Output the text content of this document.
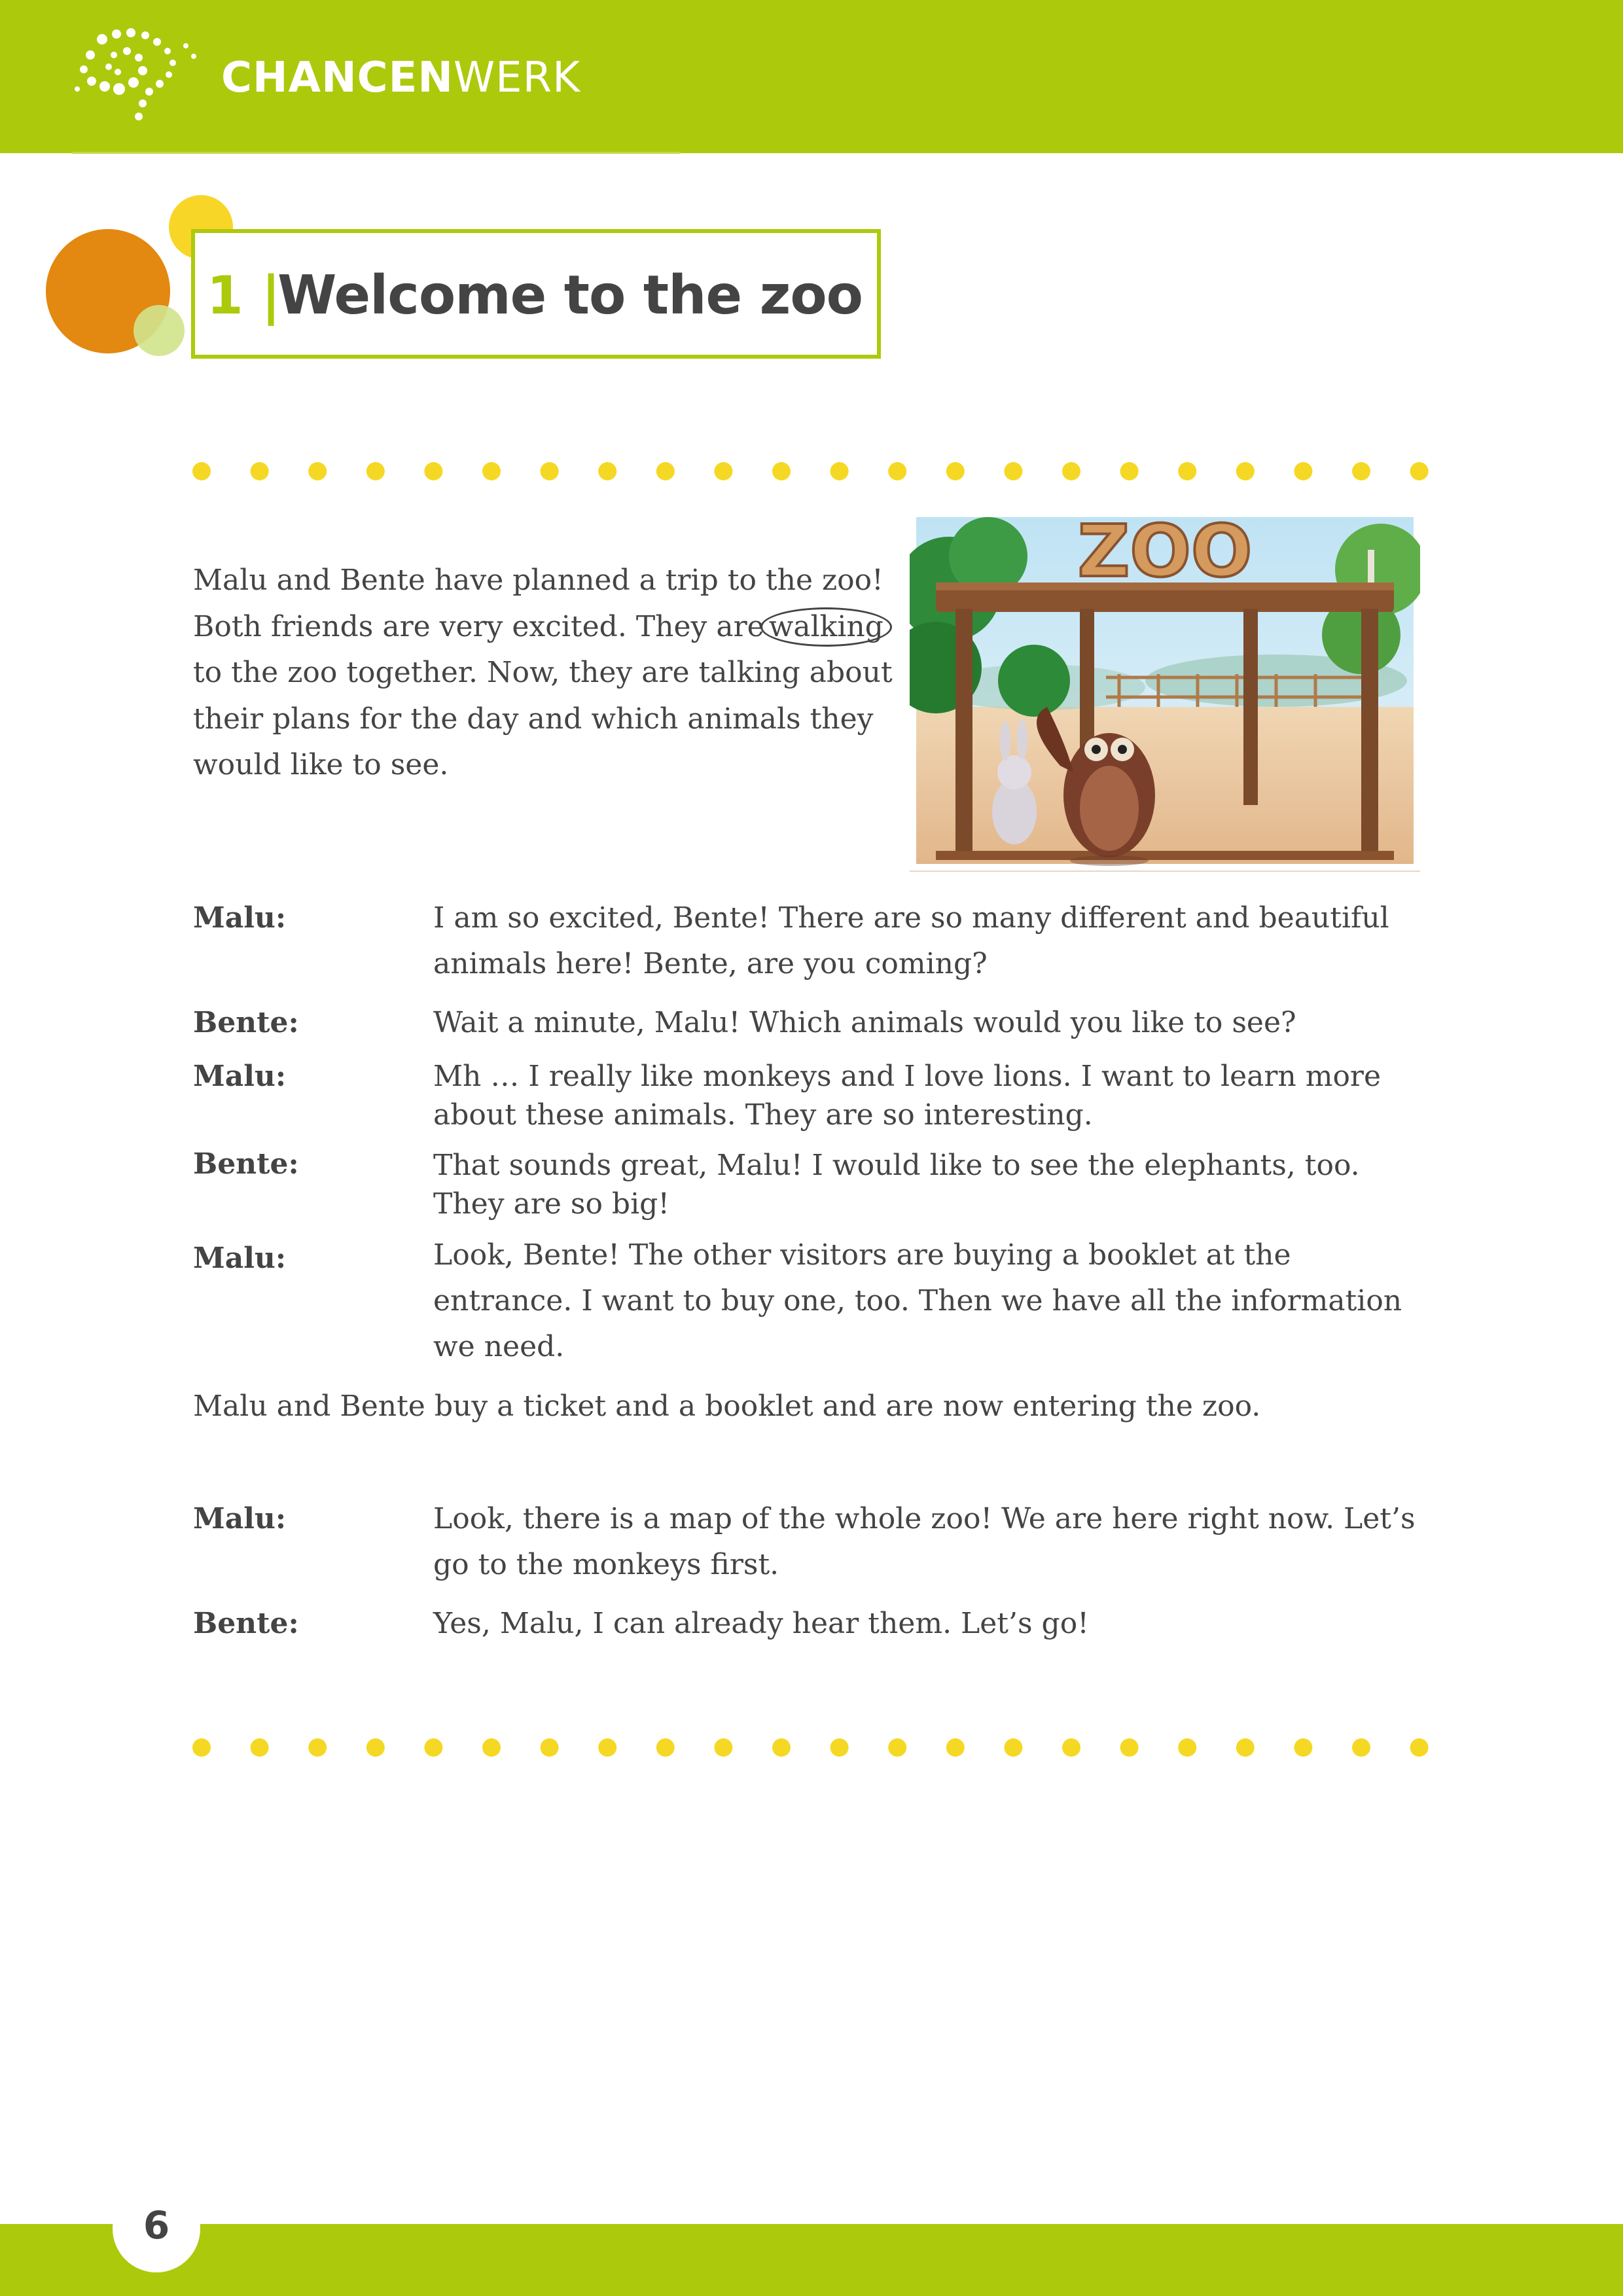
CHANCENWERK
1 |
Welcome to the zoo

Malu and Bente have planned a trip to the zoo!

Both friends are very excited. They are walking

to the zoo together. Now, they are talking about

their plans for the day and which animals they

would like to see.

ZOO
Malu:	I am so excited, Bente! There are so many different and beautiful animals here! Bente, are you coming?
Bente:	Wait a minute, Malu! Which animals would you like to see?
Malu:	Mh … I really like monkeys and I love lions. I want to learn more about these animals. They are so interesting.
Bente:	That sounds great, Malu! I would like to see the elephants, too. They are so big!
Malu:	Look, Bente! The other visitors are buying a booklet at the entrance. I want to buy one, too. Then we have all the information we need.
Malu and Bente buy a ticket and a booklet and are now entering the zoo.
Malu:	Look, there is a map of the whole zoo! We are here right now. Let’s go to the monkeys first.
Bente:	Yes, Malu, I can already hear them. Let’s go!
6
